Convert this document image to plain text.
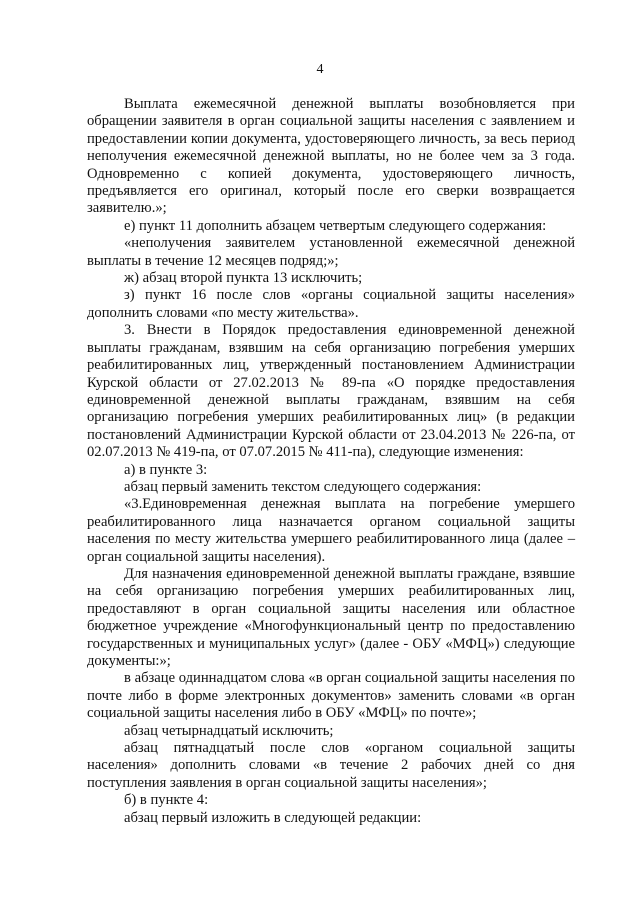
4

Выплата ежемесячной денежной выплаты возобновляется при обращении заявителя в орган социальной защиты населения с заявлением и предоставлении копии документа, удостоверяющего личность, за весь период неполучения ежемесячной денежной выплаты, но не более чем за 3 года. Одновременно с копией документа, удостоверяющего личность, предъявляется его оригинал, который после его сверки возвращается заявителю.»;

е) пункт 11 дополнить абзацем четвертым следующего содержания:

«неполучения заявителем установленной ежемесячной денежной выплаты в течение 12 месяцев подряд;»;

ж) абзац второй пункта 13 исключить;

з) пункт 16 после слов «органы социальной защиты населения» дополнить словами «по месту жительства».

3. Внести в Порядок предоставления единовременной денежной выплаты гражданам, взявшим на себя организацию погребения умерших реабилитированных лиц, утвержденный постановлением Администрации Курской области от 27.02.2013 № 89-па «О порядке предоставления единовременной денежной выплаты гражданам, взявшим на себя организацию погребения умерших реабилитированных лиц» (в редакции постановлений Администрации Курской области от 23.04.2013 № 226-па, от 02.07.2013 № 419-па, от 07.07.2015 № 411-па), следующие изменения:

а) в пункте 3:

абзац первый заменить текстом следующего содержания:

«3.Единовременная денежная выплата на погребение умершего реабилитированного лица назначается органом социальной защиты населения по месту жительства умершего реабилитированного лица (далее – орган социальной защиты населения).

Для назначения единовременной денежной выплаты граждане, взявшие на себя организацию погребения умерших реабилитированных лиц, предоставляют в орган социальной защиты населения или областное бюджетное учреждение «Многофункциональный центр по предоставлению государственных и муниципальных услуг» (далее - ОБУ «МФЦ») следующие документы:»;

в абзаце одиннадцатом слова «в орган социальной защиты населения по почте либо в форме электронных документов» заменить словами «в орган социальной защиты населения либо в ОБУ «МФЦ» по почте»;

абзац четырнадцатый исключить;

абзац пятнадцатый после слов «органом социальной защиты населения» дополнить словами «в течение 2 рабочих дней со дня поступления заявления в орган социальной защиты населения»;

б) в пункте 4:

абзац первый изложить в следующей редакции:
